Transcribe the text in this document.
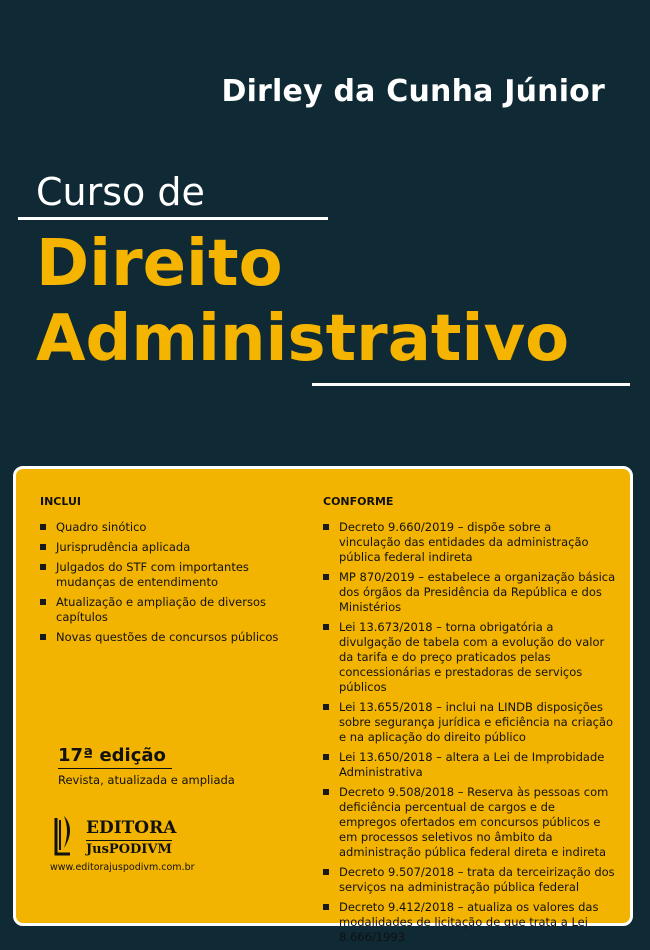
Dirley da Cunha Júnior
Curso de
Direito
Administrativo
INCLUI
Quadro sinótico
Jurisprudência aplicada
Julgados do STF com importantes mudanças de entendimento
Atualização e ampliação de diversos capítulos
Novas questões de concursos públicos
17ª edição
Revista, atualizada e ampliada
EDITORA
JusPODIVM
www.editorajuspodivm.com.br
CONFORME
Decreto 9.660/2019 – dispõe sobre a vinculação das entidades da administração pública federal indireta
MP 870/2019 – estabelece a organização básica dos órgãos da Presidência da República e dos Ministérios
Lei 13.673/2018 – torna obrigatória a divulgação de tabela com a evolução do valor da tarifa e do preço praticados pelas concessionárias e prestadoras de serviços públicos
Lei 13.655/2018 – inclui na LINDB disposições sobre segurança jurídica e eficiência na criação e na aplicação do direito público
Lei 13.650/2018 – altera a Lei de Improbidade Administrativa
Decreto 9.508/2018 – Reserva às pessoas com deficiência percentual de cargos e de empregos ofertados em concursos públicos e em processos seletivos no âmbito da administração pública federal direta e indireta
Decreto 9.507/2018 – trata da terceirização dos serviços na administração pública federal
Decreto 9.412/2018 – atualiza os valores das modalidades de licitação de que trata a Lei 8.666/1993
